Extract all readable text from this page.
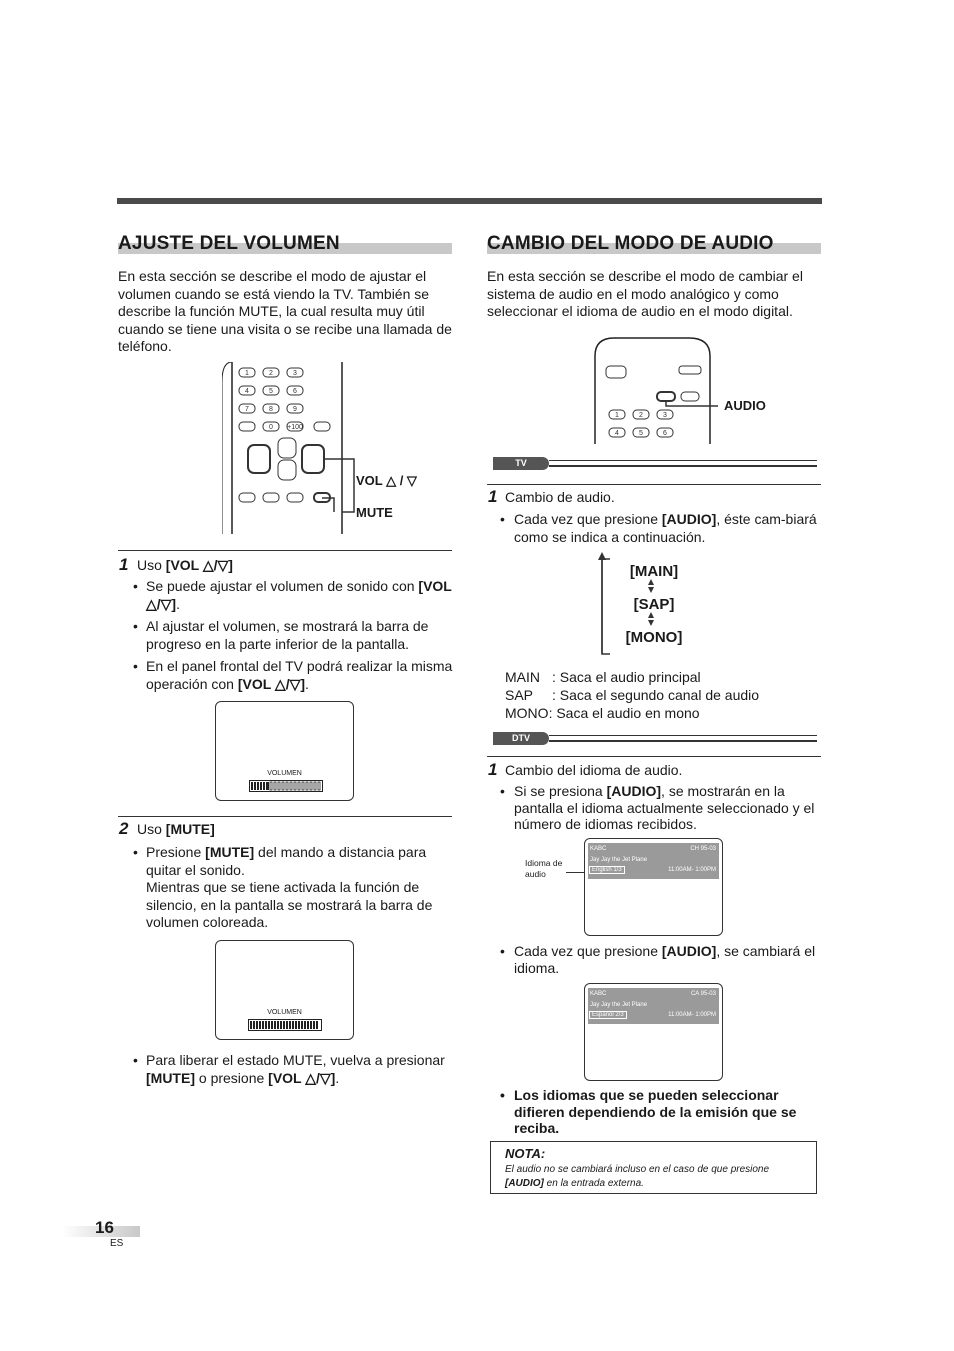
AJUSTE DEL VOLUMEN
En esta sección se describe el modo de ajustar el volumen cuando se está viendo la TV. También se describe la función MUTE, la cual resulta muy útil cuando se tiene una visita o se recibe una llamada de teléfono.
1	2	3
4	5	6
7	8	9
0 +100
VOL △ / ▽
MUTE
1 Uso [VOL △/▽]
• Se puede ajustar el volumen de sonido con [VOL △/▽].
• Al ajustar el volumen, se mostrará la barra de progreso en la parte inferior de la pantalla.
• En el panel frontal del TV podrá realizar la misma operación con [VOL △/▽].
VOLUMEN
2 Uso [MUTE]
• Presione [MUTE] del mando a distancia para quitar el sonido.
Mientras que se tiene activada la función de silencio, en la pantalla se mostrará la barra de volumen coloreada.
VOLUMEN
• Para liberar el estado MUTE, vuelva a presionar [MUTE] o presione [VOL △/▽].
CAMBIO DEL MODO DE AUDIO
En esta sección se describe el modo de cambiar el sistema de audio en el modo analógico y como seleccionar el idioma de audio en el modo digital.
1	2	3
4	5	6
AUDIO
TV
1 Cambio de audio.
• Cada vez que presione [AUDIO], éste cam-biará como se indica a continuación.
[MAIN]
[SAP]
[MONO]
MAIN : Saca el audio principal
SAP : Saca el segundo canal de audio
MONO: Saca el audio en mono
DTV
1 Cambio del idioma de audio.
• Si se presiona [AUDIO], se mostrarán en la pantalla el idioma actualmente seleccionado y el número de idiomas recibidos.
Idioma de audio
KABC	CH 95-03
Jay Jay the Jet Plane
English 1/3	11:00AM- 1:00PM
• Cada vez que presione [AUDIO], se cambiará el idioma.
KABC	CA 95-03
Jay Jay the Jet Plane
Español 2/3	11:00AM- 1:00PM
• Los idiomas que se pueden seleccionar difieren dependiendo de la emisión que se reciba.
NOTA:
El audio no se cambiará incluso en el caso de que presione [AUDIO] en la entrada externa.
16
ES
